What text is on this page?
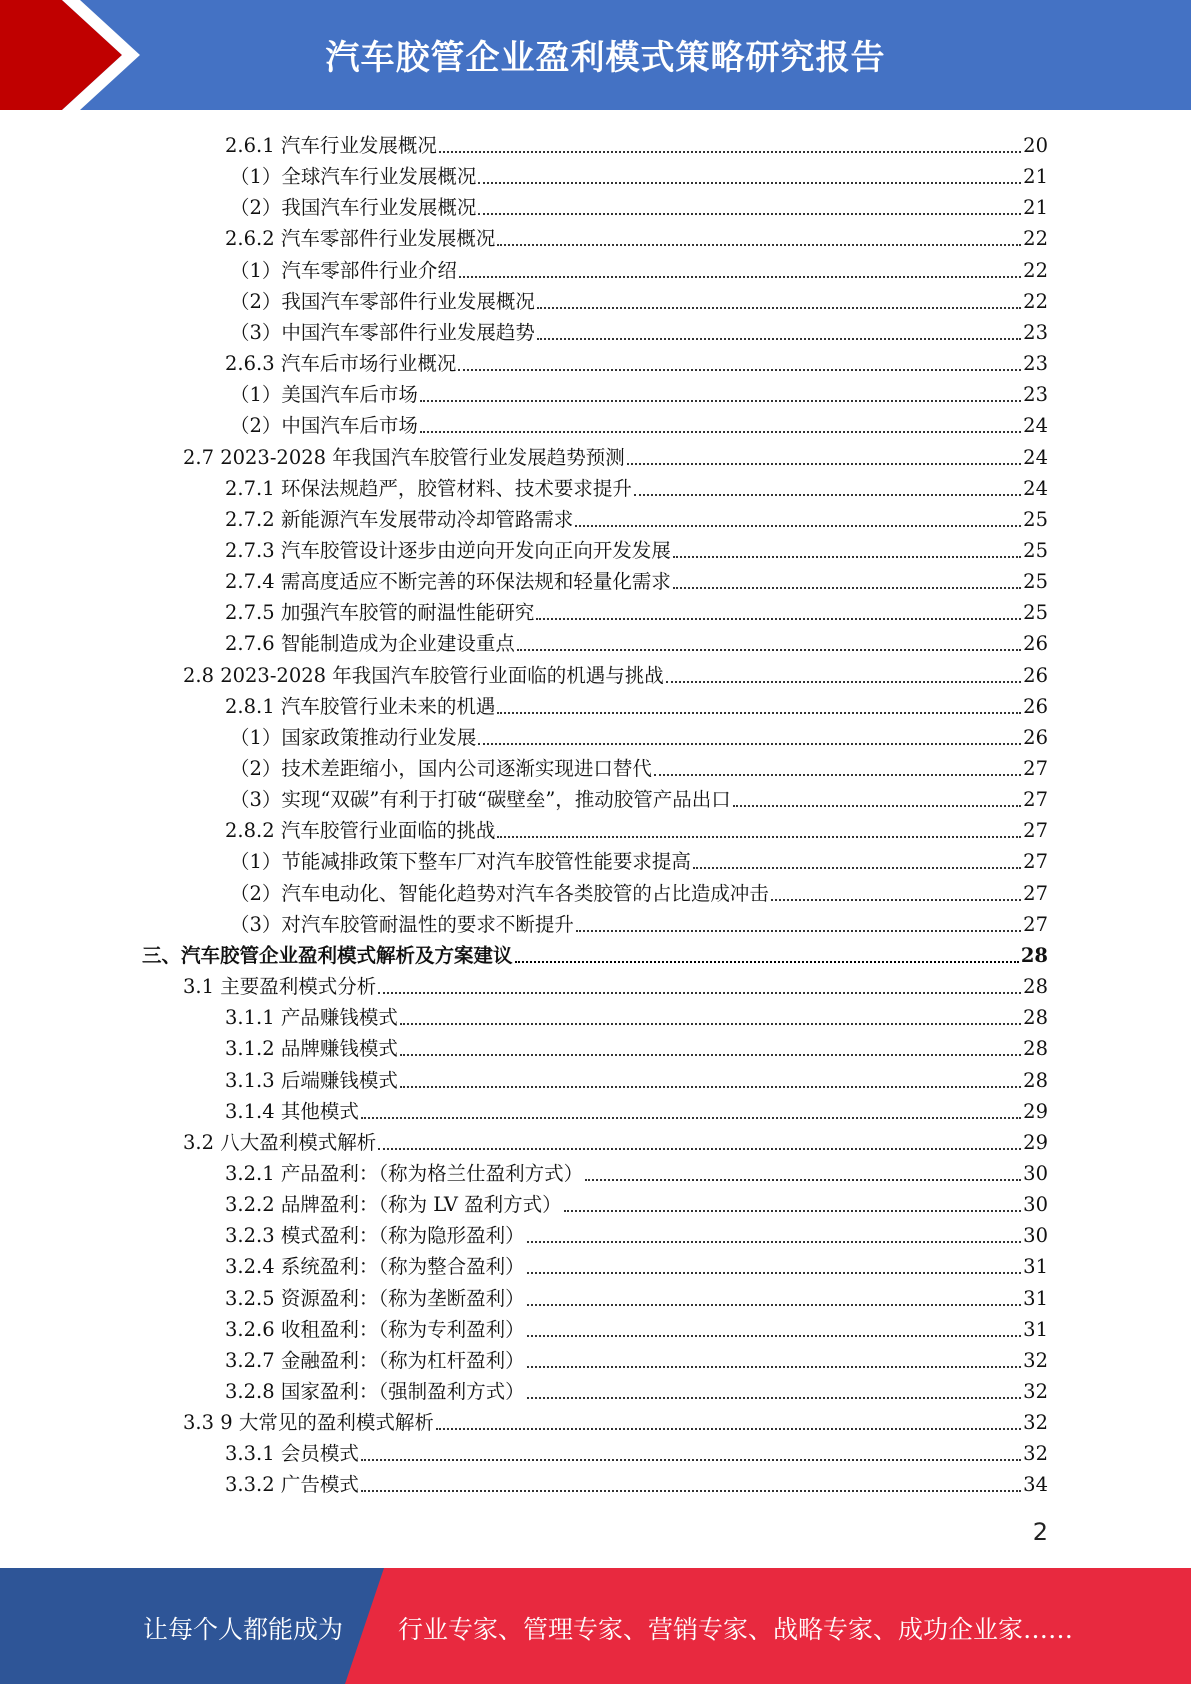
汽车胶管企业盈利模式策略研究报告
2.6.1 汽车行业发展概况	20
（1）全球汽车行业发展概况	21
（2）我国汽车行业发展概况	21
2.6.2 汽车零部件行业发展概况	22
（1）汽车零部件行业介绍	22
（2）我国汽车零部件行业发展概况	22
（3）中国汽车零部件行业发展趋势	23
2.6.3 汽车后市场行业概况	23
（1）美国汽车后市场	23
（2）中国汽车后市场	24
2.7 2023-2028 年我国汽车胶管行业发展趋势预测	24
2.7.1 环保法规趋严，胶管材料、技术要求提升	24
2.7.2 新能源汽车发展带动冷却管路需求	25
2.7.3 汽车胶管设计逐步由逆向开发向正向开发发展	25
2.7.4 需高度适应不断完善的环保法规和轻量化需求	25
2.7.5 加强汽车胶管的耐温性能研究	25
2.7.6 智能制造成为企业建设重点	26
2.8 2023-2028 年我国汽车胶管行业面临的机遇与挑战	26
2.8.1 汽车胶管行业未来的机遇	26
（1）国家政策推动行业发展	26
（2）技术差距缩小，国内公司逐渐实现进口替代	27
（3）实现“双碳”有利于打破“碳壁垒”，推动胶管产品出口	27
2.8.2 汽车胶管行业面临的挑战	27
（1）节能减排政策下整车厂对汽车胶管性能要求提高	27
（2）汽车电动化、智能化趋势对汽车各类胶管的占比造成冲击	27
（3）对汽车胶管耐温性的要求不断提升	27
三、汽车胶管企业盈利模式解析及方案建议	28
3.1 主要盈利模式分析	28
3.1.1 产品赚钱模式	28
3.1.2 品牌赚钱模式	28
3.1.3 后端赚钱模式	28
3.1.4 其他模式	29
3.2 八大盈利模式解析	29
3.2.1 产品盈利：（称为格兰仕盈利方式）	30
3.2.2 品牌盈利：（称为 LV 盈利方式）	30
3.2.3 模式盈利：（称为隐形盈利）	30
3.2.4 系统盈利：（称为整合盈利）	31
3.2.5 资源盈利：（称为垄断盈利）	31
3.2.6 收租盈利：（称为专利盈利）	31
3.2.7 金融盈利：（称为杠杆盈利）	32
3.2.8 国家盈利：（强制盈利方式）	32
3.3 9 大常见的盈利模式解析	32
3.3.1 会员模式	32
3.3.2 广告模式	34
2
让每个人都能成为 行业专家、管理专家、营销专家、战略专家、成功企业家……
